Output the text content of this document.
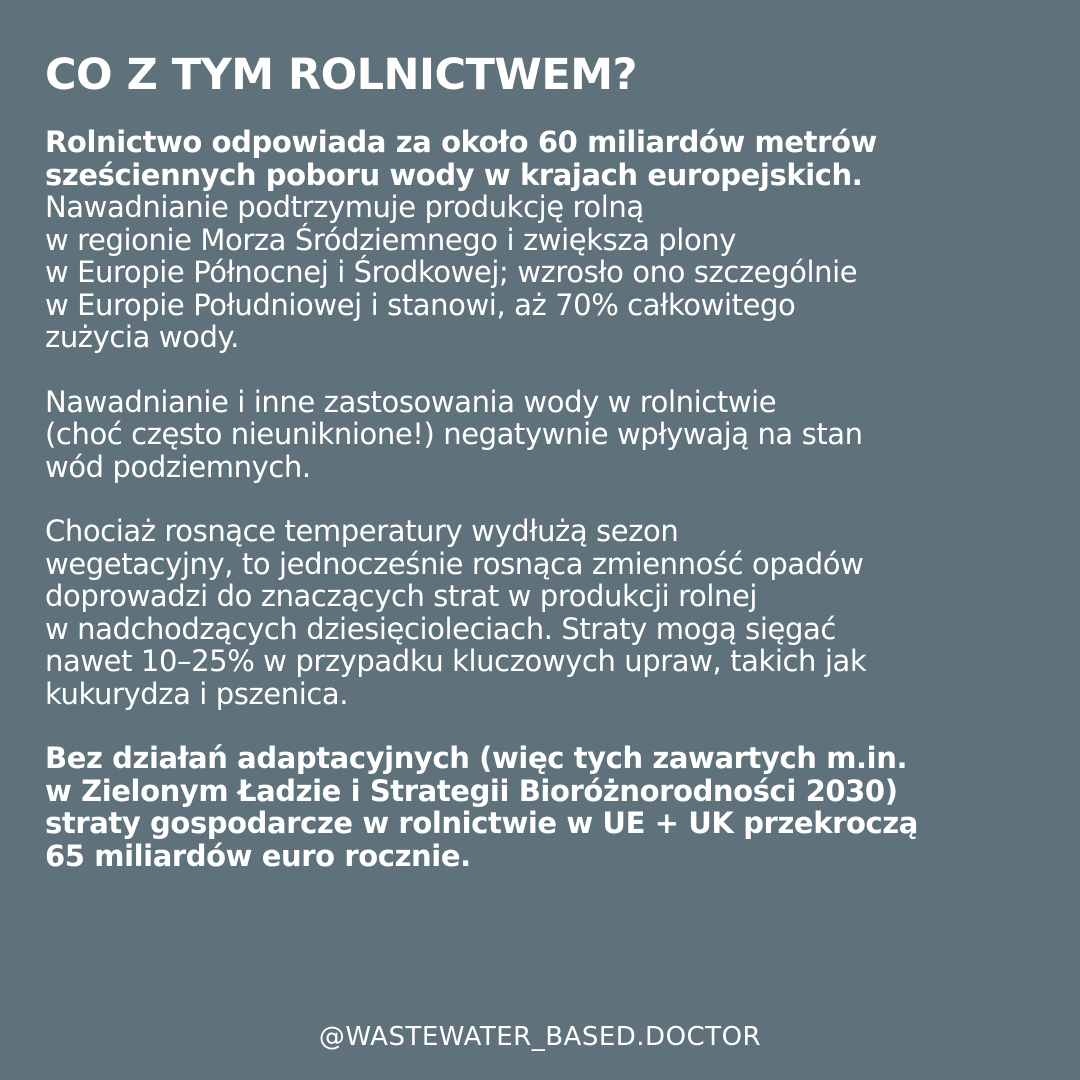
CO Z TYM ROLNICTWEM?
Rolnictwo odpowiada za około 60 miliardów metrów
sześciennych poboru wody w krajach europejskich.
Nawadnianie podtrzymuje produkcję rolną
w regionie Morza Śródziemnego i zwiększa plony
w Europie Północnej i Środkowej; wzrosło ono szczególnie
w Europie Południowej i stanowi, aż 70% całkowitego
zużycia wody.
Nawadnianie i inne zastosowania wody w rolnictwie
(choć często nieuniknione!) negatywnie wpływają na stan
wód podziemnych.
Chociaż rosnące temperatury wydłużą sezon
wegetacyjny, to jednocześnie rosnąca zmienność opadów
doprowadzi do znaczących strat w produkcji rolnej
w nadchodzących dziesięcioleciach. Straty mogą sięgać
nawet 10–25% w przypadku kluczowych upraw, takich jak
kukurydza i pszenica.
Bez działań adaptacyjnych (więc tych zawartych m.in.
w Zielonym Ładzie i Strategii Bioróżnorodności 2030)
straty gospodarcze w rolnictwie w UE + UK przekroczą
65 miliardów euro rocznie.
@WASTEWATER_BASED.DOCTOR
